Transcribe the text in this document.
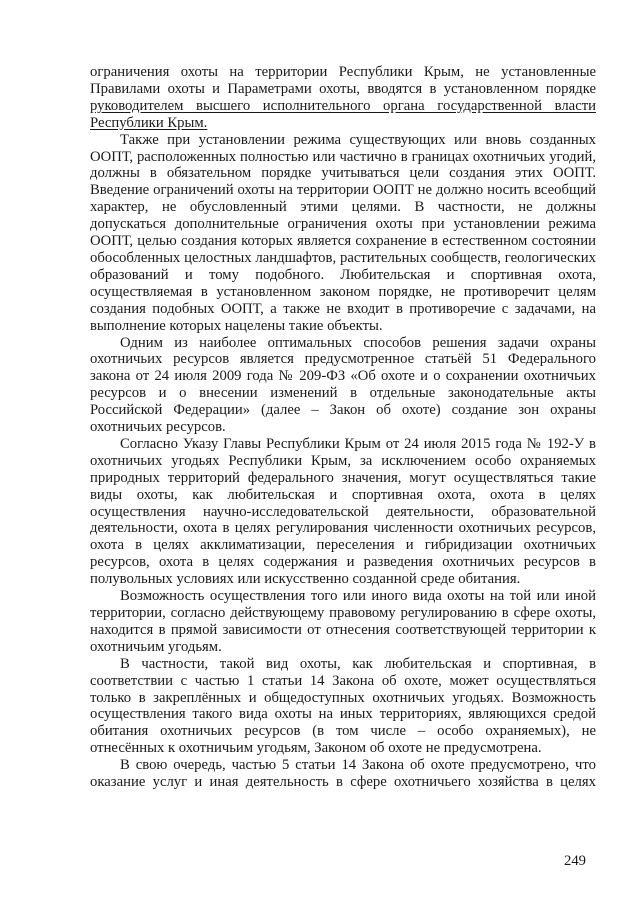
ограничения охоты на территории Республики Крым, не установленные
Правилами охоты и Параметрами охоты, вводятся в установленном порядке
руководителем высшего исполнительного органа государственной власти

Республики Крым.

Также при установлении режима существующих или вновь созданных ООПТ, расположенных полностью или частично в границах охотничьих угодий, должны в обязательном порядке учитываться цели создания этих ООПТ. Введение ограничений охоты на территории ООПТ не должно носить всеобщий характер, не обусловленный этими целями. В частности, не должны допускаться дополнительные ограничения охоты при установлении режима ООПТ, целью создания которых является сохранение в естественном состоянии обособленных целостных ландшафтов, растительных сообществ, геологических образований и тому подобного. Любительская и спортивная охота, осуществляемая в установленном законом порядке, не противоречит целям создания подобных ООПТ, а также не входит в противоречие с задачами, на выполнение которых нацелены такие объекты.

Одним из наиболее оптимальных способов решения задачи охраны охотничьих ресурсов является предусмотренное статьёй 51 Федерального закона от 24 июля 2009 года № 209-ФЗ «Об охоте и о сохранении охотничьих ресурсов и о внесении изменений в отдельные законодательные акты Российской Федерации» (далее – Закон об охоте) создание зон охраны охотничьих ресурсов.

Согласно Указу Главы Республики Крым от 24 июля 2015 года № 192-У в охотничьих угодьях Республики Крым, за исключением особо охраняемых природных территорий федерального значения, могут осуществляться такие виды охоты, как любительская и спортивная охота, охота в целях осуществления научно-исследовательской деятельности, образовательной деятельности, охота в целях регулирования численности охотничьих ресурсов, охота в целях акклиматизации, переселения и гибридизации охотничьих ресурсов, охота в целях содержания и разведения охотничьих ресурсов в полувольных условиях или искусственно созданной среде обитания.

Возможность осуществления того или иного вида охоты на той или иной территории, согласно действующему правовому регулированию в сфере охоты, находится в прямой зависимости от отнесения соответствующей территории к охотничьим угодьям.

В частности, такой вид охоты, как любительская и спортивная, в соответствии с частью 1 статьи 14 Закона об охоте, может осуществляться только в закреплённых и общедоступных охотничьих угодьях. Возможность осуществления такого вида охоты на иных территориях, являющихся средой обитания охотничьих ресурсов (в том числе – особо охраняемых), не отнесённых к охотничьим угодьям, Законом об охоте не предусмотрена.

В свою очередь, частью 5 статьи 14 Закона об охоте предусмотрено, что оказание услуг и иная деятельность в сфере охотничьего хозяйства в целях

249
